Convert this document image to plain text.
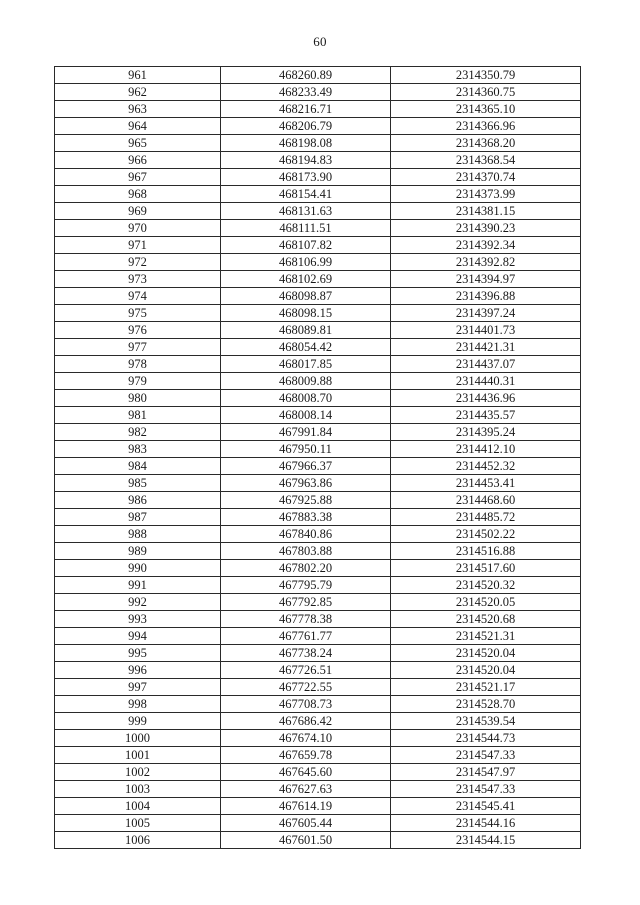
60
961	468260.89	2314350.79
962	468233.49	2314360.75
963	468216.71	2314365.10
964	468206.79	2314366.96
965	468198.08	2314368.20
966	468194.83	2314368.54
967	468173.90	2314370.74
968	468154.41	2314373.99
969	468131.63	2314381.15
970	468111.51	2314390.23
971	468107.82	2314392.34
972	468106.99	2314392.82
973	468102.69	2314394.97
974	468098.87	2314396.88
975	468098.15	2314397.24
976	468089.81	2314401.73
977	468054.42	2314421.31
978	468017.85	2314437.07
979	468009.88	2314440.31
980	468008.70	2314436.96
981	468008.14	2314435.57
982	467991.84	2314395.24
983	467950.11	2314412.10
984	467966.37	2314452.32
985	467963.86	2314453.41
986	467925.88	2314468.60
987	467883.38	2314485.72
988	467840.86	2314502.22
989	467803.88	2314516.88
990	467802.20	2314517.60
991	467795.79	2314520.32
992	467792.85	2314520.05
993	467778.38	2314520.68
994	467761.77	2314521.31
995	467738.24	2314520.04
996	467726.51	2314520.04
997	467722.55	2314521.17
998	467708.73	2314528.70
999	467686.42	2314539.54
1000	467674.10	2314544.73
1001	467659.78	2314547.33
1002	467645.60	2314547.97
1003	467627.63	2314547.33
1004	467614.19	2314545.41
1005	467605.44	2314544.16
1006	467601.50	2314544.15
